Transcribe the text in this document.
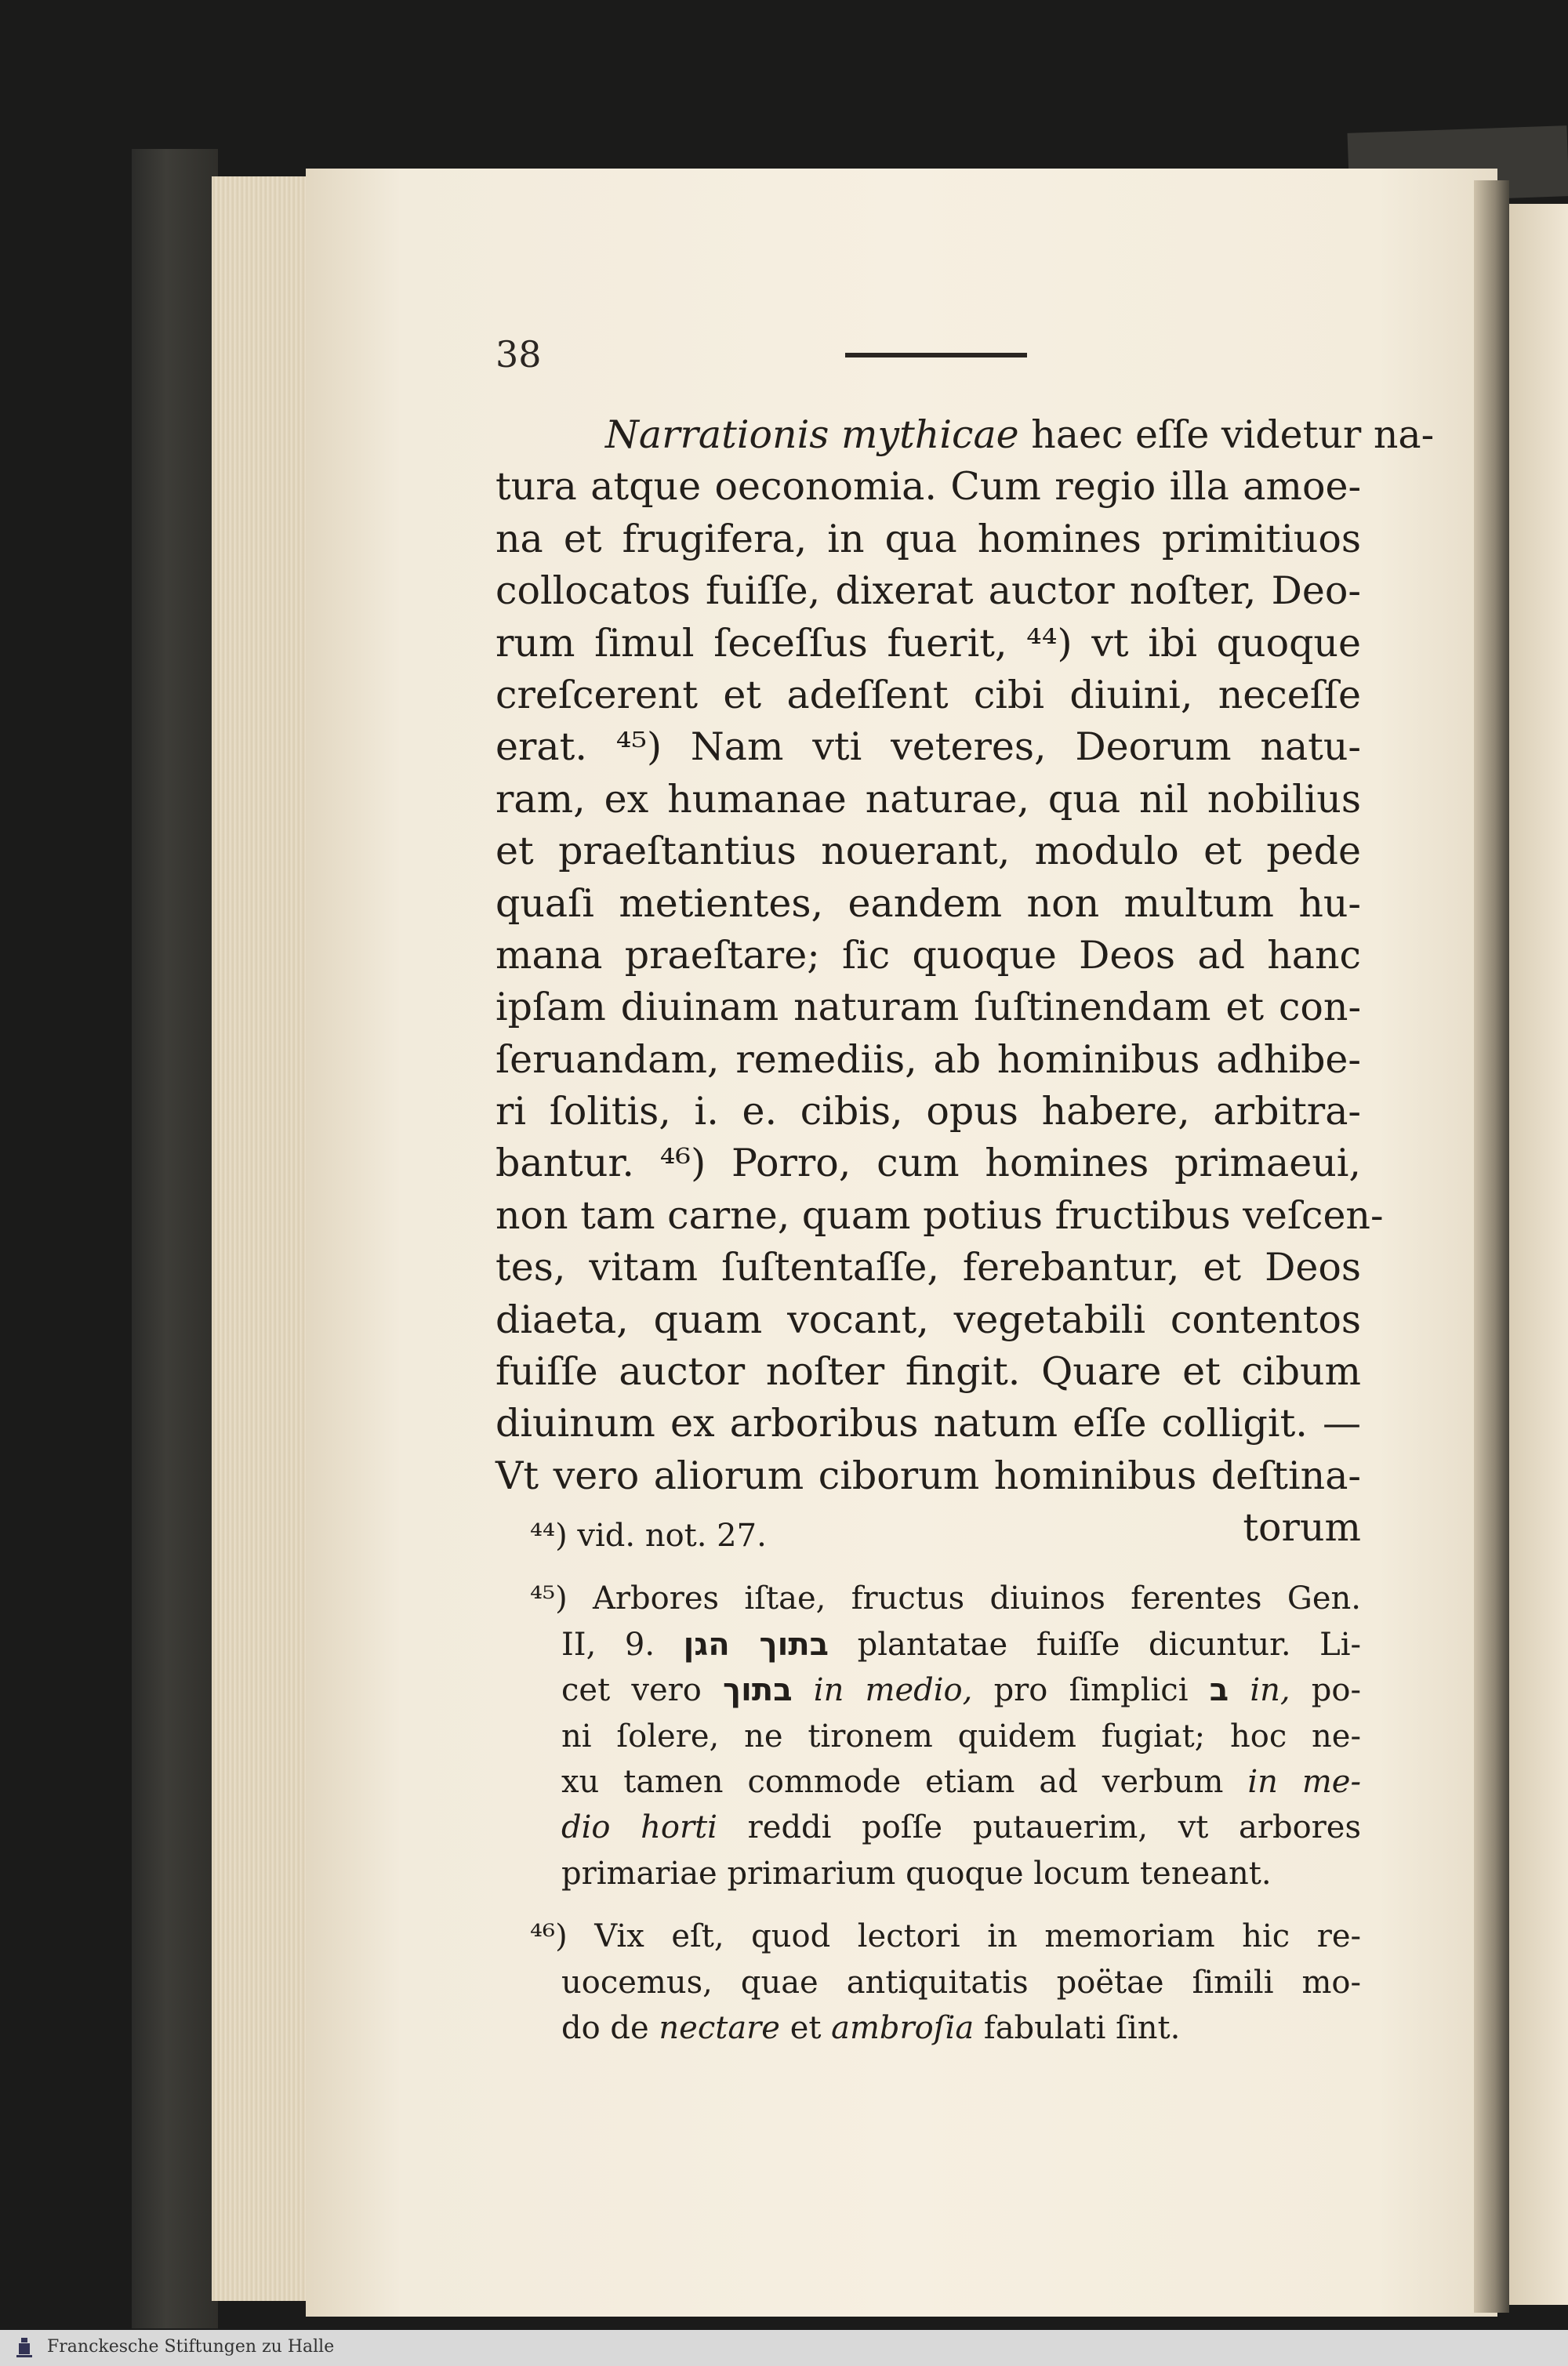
38
Narrationis mythicae haec eſſe videtur na-
tura atque oeconomia. Cum regio illa amoe-
na et frugifera, in qua homines primitiuos
collocatos fuiſſe, dixerat auctor noſter, Deo-
rum ſimul ſeceſſus fuerit, ⁴⁴) vt ibi quoque
creſcerent et adeſſent cibi diuini, neceſſe
erat. ⁴⁵) Nam vti veteres, Deorum natu-
ram, ex humanae naturae, qua nil nobilius
et praeſtantius nouerant, modulo et pede
quaſi metientes, eandem non multum hu-
mana praeſtare; ſic quoque Deos ad hanc
ipſam diuinam naturam ſuſtinendam et con-
ſeruandam, remediis, ab hominibus adhibe-
ri ſolitis, i. e. cibis, opus habere, arbitra-
bantur. ⁴⁶) Porro, cum homines primaeui,
non tam carne, quam potius fructibus veſcen-
tes, vitam ſuſtentaſſe, ferebantur, et Deos
diaeta, quam vocant, vegetabili contentos
fuiſſe auctor noſter fingit. Quare et cibum
diuinum ex arboribus natum eſſe colligit. —
Vt vero aliorum ciborum hominibus deſtina-
torum
⁴⁴) vid. not. 27.
⁴⁵) Arbores iſtae, fructus diuinos ferentes Gen.
II, 9. בתוך הגן plantatae fuiſſe dicuntur. Li-
cet vero בתוך in medio, pro ſimplici ב in, po-
ni ſolere, ne tironem quidem fugiat; hoc ne-
xu tamen commode etiam ad verbum in me-
dio horti reddi poſſe putauerim, vt arbores
primariae primarium quoque locum teneant.
⁴⁶) Vix eſt, quod lectori in memoriam hic re-
uocemus, quae antiquitatis poëtae ſimili mo-
do de nectare et ambroſia fabulati ſint.
Franckesche Stiftungen zu Halle
